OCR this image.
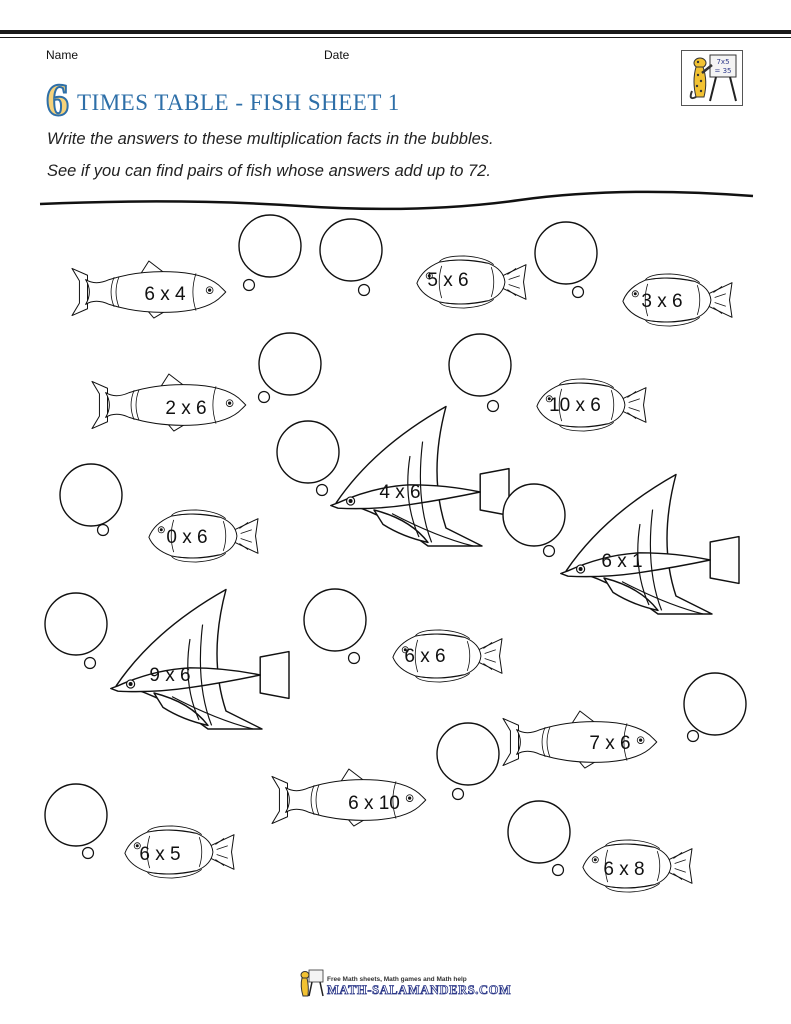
Name	Date
6 TIMES TABLE - FISH SHEET 1
7x5
= 35
Write the answers to these multiplication facts in the bubbles.
See if you can find pairs of fish whose answers add up to 72.
6 x 4
5 x 6
3 x 6
2 x 6	10 x 6
4 x 6
0 x 6
6 x 1
9 x 6
6 x 6
7 x 6
6 x 10
6 x 5
6 x 8
Free Math sheets, Math games and Math help
MATH-SALAMANDERS.COM
